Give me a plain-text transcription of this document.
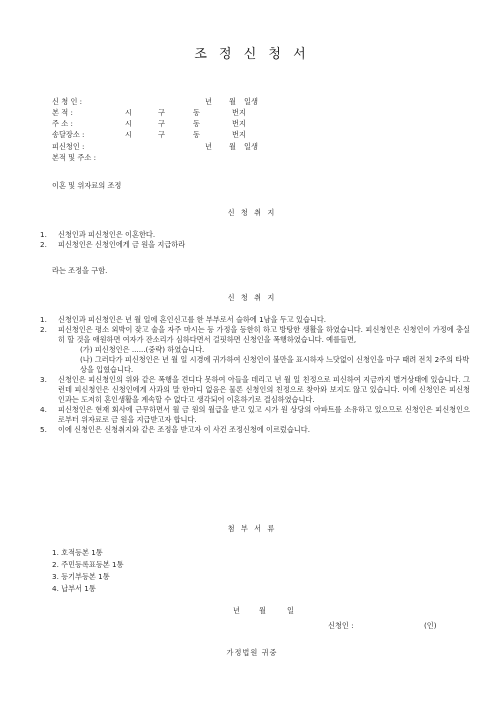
조 정 신 청 서
신 청 인 :	년 월 일생
본 적 :	시	구	동	번지
주 소 :	시	구	동	번지
송달장소 :	시	구	동	번지
피신청인 :	년 월 일생
본적 및 주소 :
이혼 및 위자료의 조정
신 청 취 지
1. 신청인과 피신청인은 이혼한다.
2. 피신청인은 신청인에게 금 원을 지급하라
라는 조정을 구함.
신 청 취 지
1. 신청인과 피신청인은 년 월 일에 혼인신고를 한 부부로서 슬하에 1남을 두고 있습니다.
2. 피신청인은 평소 외박이 잦고 술을 자주 마시는 등 가정을 등한히 하고 방탕한 생활을 하였습니다. 피신청인은 신청인이 가정에 충실히 할 것을 애원하면 여자가 잔소리가 심하다면서 걸핏하면 신청인을 폭행하였습니다. 예를들면,
(가) 피신청인은 ......(중략) 하였습니다.
(나) 그러다가 피신청인은 년 월 일 시경에 귀가하여 신청인이 불만을 표시하자 느닷없이 신청인을 마구 때려 전치 2주의 타박상을 입혔습니다.
3. 신청인은 피신청인의 위와 같은 폭행을 견디다 못하여 아들을 데리고 년 월 일 친정으로 피신하여 지금까지 별거상태에 있습니다. 그런데 피신청인은 신청인에게 사과의 말 한마디 없음은 물론 신청인의 친정으로 찾아와 보지도 않고 있습니다. 이에 신청인은 피신청인과는 도저히 혼인생활을 계속할 수 없다고 생각되어 이혼하기로 결심하였습니다.
4. 피신청인은 현재 회사에 근무하면서 월 금 원의 월급을 받고 있고 시가 원 상당의 아파트를 소유하고 있으므로 신청인은 피신청인으로부터 위자료로 금 원을 지급받고자 합니다.
5. 이에 신청인은 신청취지와 같은 조정을 받고자 이 사건 조정신청에 이르렀습니다.
첨 부 서 류
1. 호적등본 1통
2. 주민등록표등본 1통
3. 등기부등본 1통
4. 납부서 1통
년	월	일
신청인 :	(인)
가정법원 귀중
